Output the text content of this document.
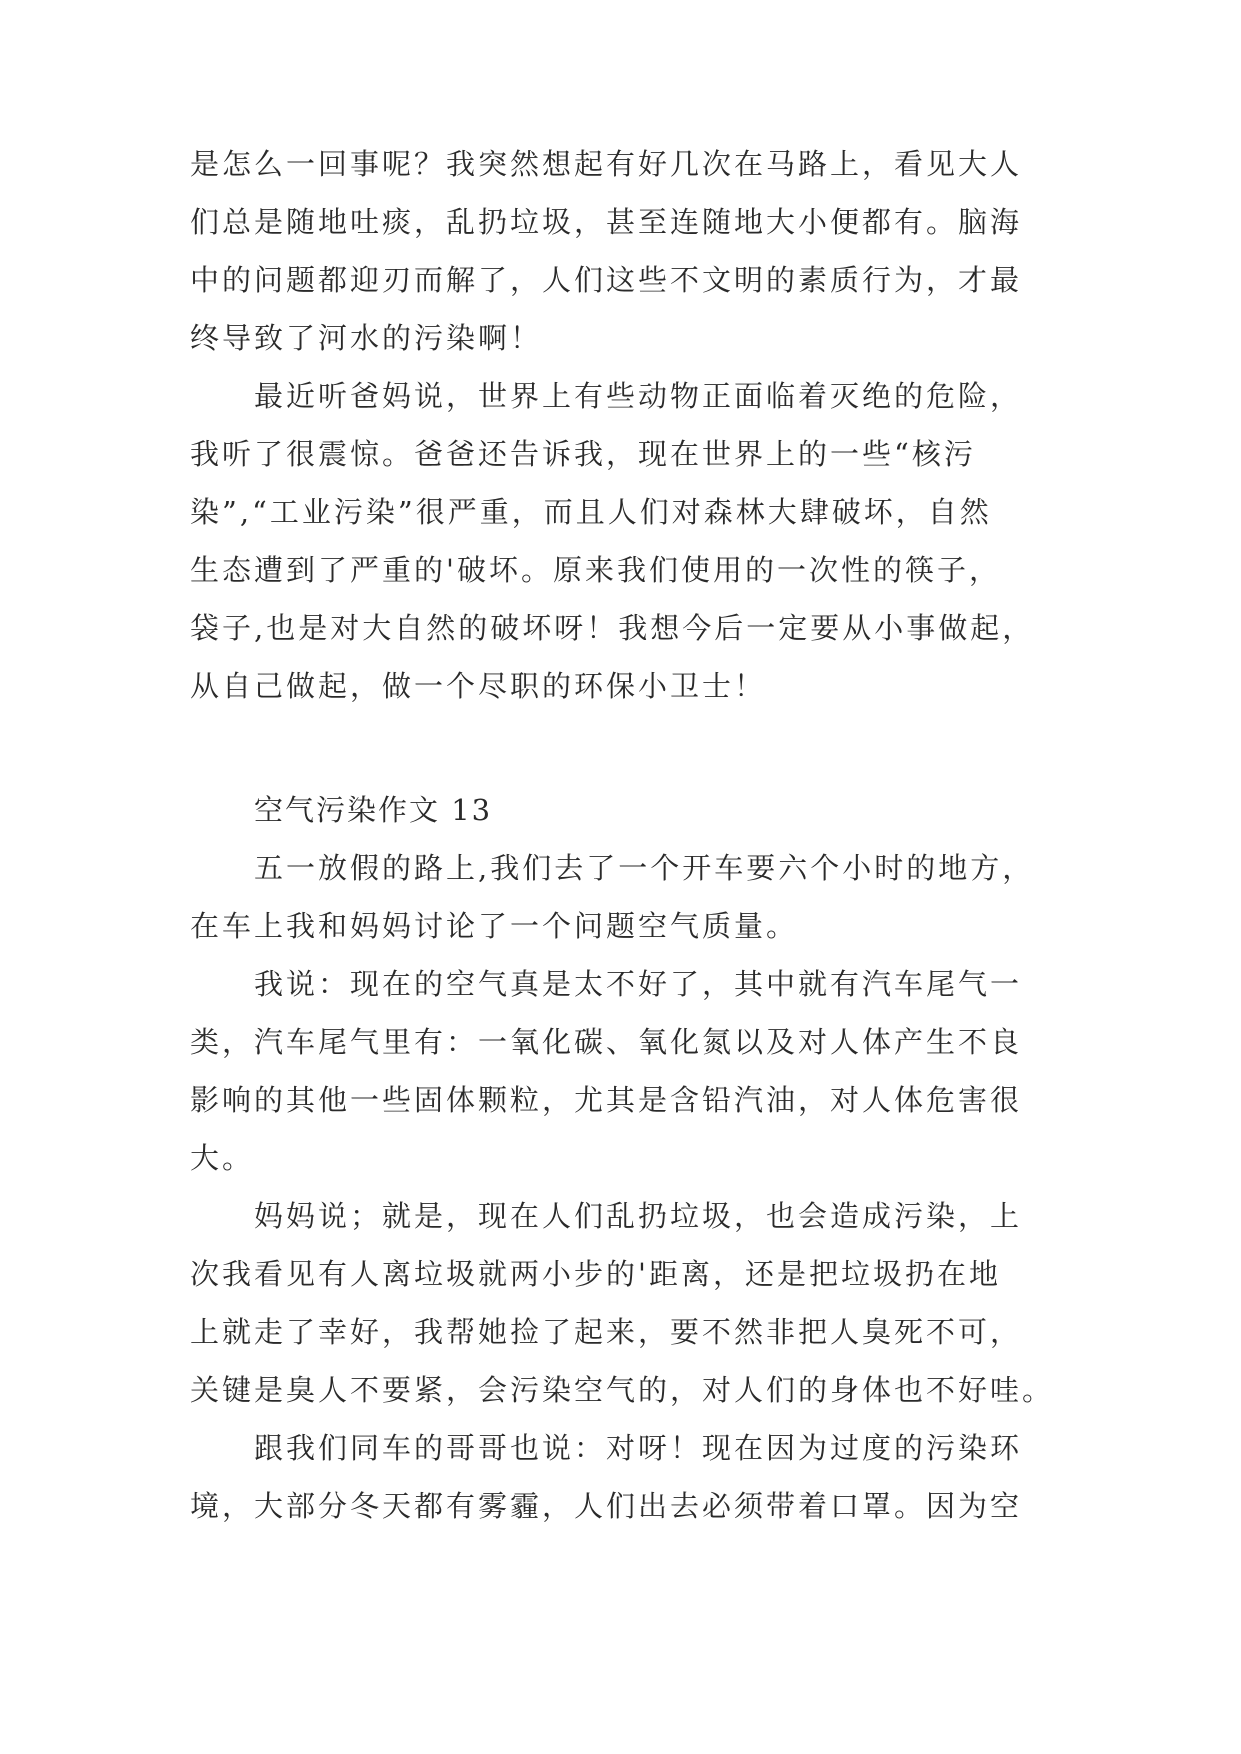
是怎么一回事呢？我突然想起有好几次在马路上，看见大人
们总是随地吐痰，乱扔垃圾，甚至连随地大小便都有。脑海
中的问题都迎刃而解了，人们这些不文明的素质行为，才最
终导致了河水的污染啊！
最近听爸妈说，世界上有些动物正面临着灭绝的危险，
我听了很震惊。爸爸还告诉我，现在世界上的一些“核污
染”,“工业污染”很严重，而且人们对森林大肆破坏，自然
生态遭到了严重的'破坏。原来我们使用的一次性的筷子，
袋子,也是对大自然的破坏呀！我想今后一定要从小事做起，
从自己做起，做一个尽职的环保小卫士！
空气污染作文 13
五一放假的路上,我们去了一个开车要六个小时的地方，
在车上我和妈妈讨论了一个问题空气质量。
我说：现在的空气真是太不好了，其中就有汽车尾气一
类，汽车尾气里有：一氧化碳、氧化氮以及对人体产生不良
影响的其他一些固体颗粒，尤其是含铅汽油，对人体危害很
大。
妈妈说；就是，现在人们乱扔垃圾，也会造成污染，上
次我看见有人离垃圾就两小步的'距离，还是把垃圾扔在地
上就走了幸好，我帮她捡了起来，要不然非把人臭死不可，
关键是臭人不要紧，会污染空气的，对人们的身体也不好哇。
跟我们同车的哥哥也说：对呀！现在因为过度的污染环
境，大部分冬天都有雾霾，人们出去必须带着口罩。因为空
